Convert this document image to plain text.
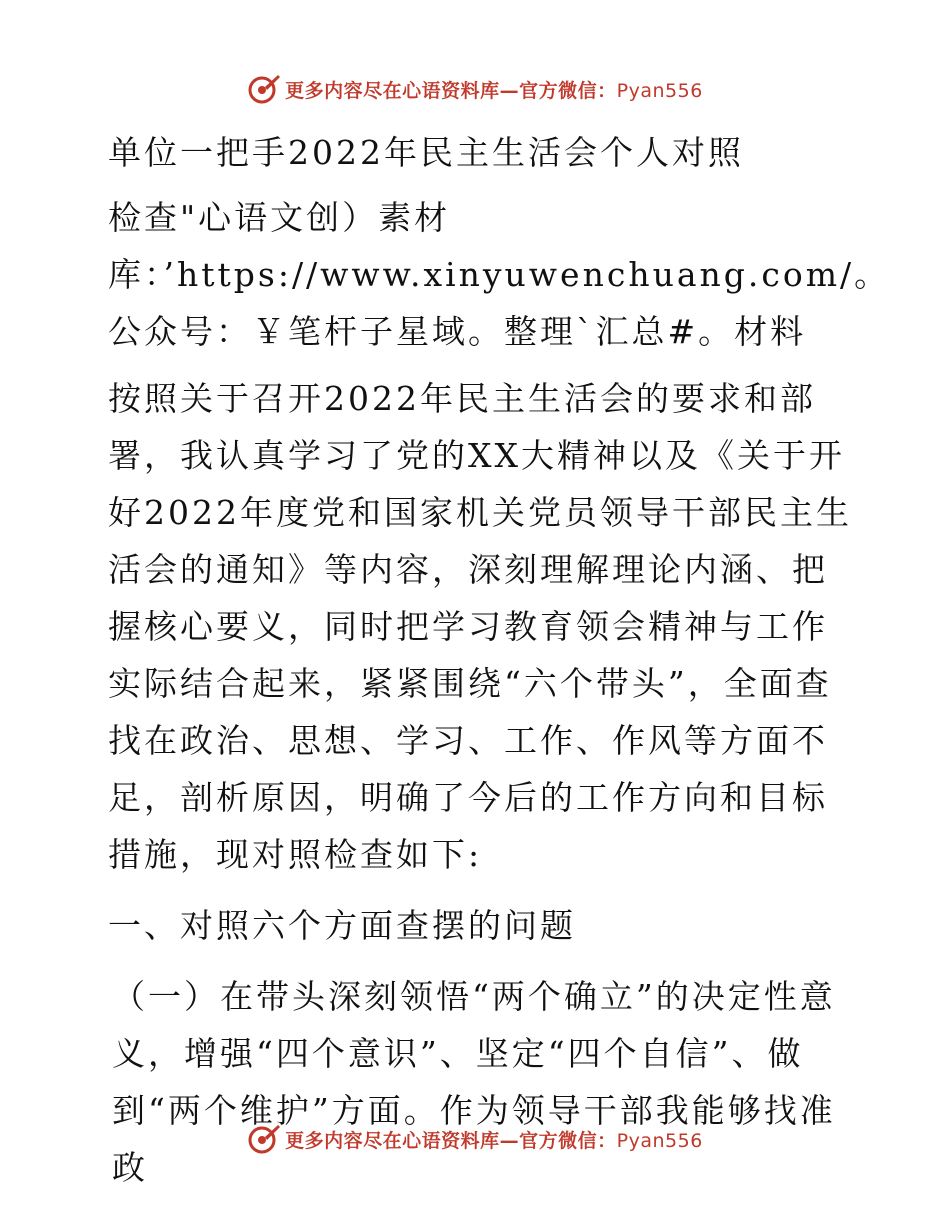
更多内容尽在心语资料库—官方微信：Pyan556

单位一把手2022年民主生活会个人对照

检查"心语文创）素材库：’https://www.xinyuwenchuang.com/。公众号：￥笔杆子星域。整理`汇总#。材料

按照关于召开2022年民主生活会的要求和部署，我认真学习了党的XX大精神以及《关于开好2022年度党和国家机关党员领导干部民主生活会的通知》等内容，深刻理解理论内涵、把握核心要义，同时把学习教育领会精神与工作实际结合起来，紧紧围绕“六个带头”，全面查找在政治、思想、学习、工作、作风等方面不足，剖析原因，明确了今后的工作方向和目标措施，现对照检查如下:

一、对照六个方面查摆的问题

（一）在带头深刻领悟“两个确立”的决定性意义，增强“四个意识”、坚定“四个自信”、做到“两个维护”方面。作为领导干部我能够找准政

更多内容尽在心语资料库—官方微信：Pyan556
